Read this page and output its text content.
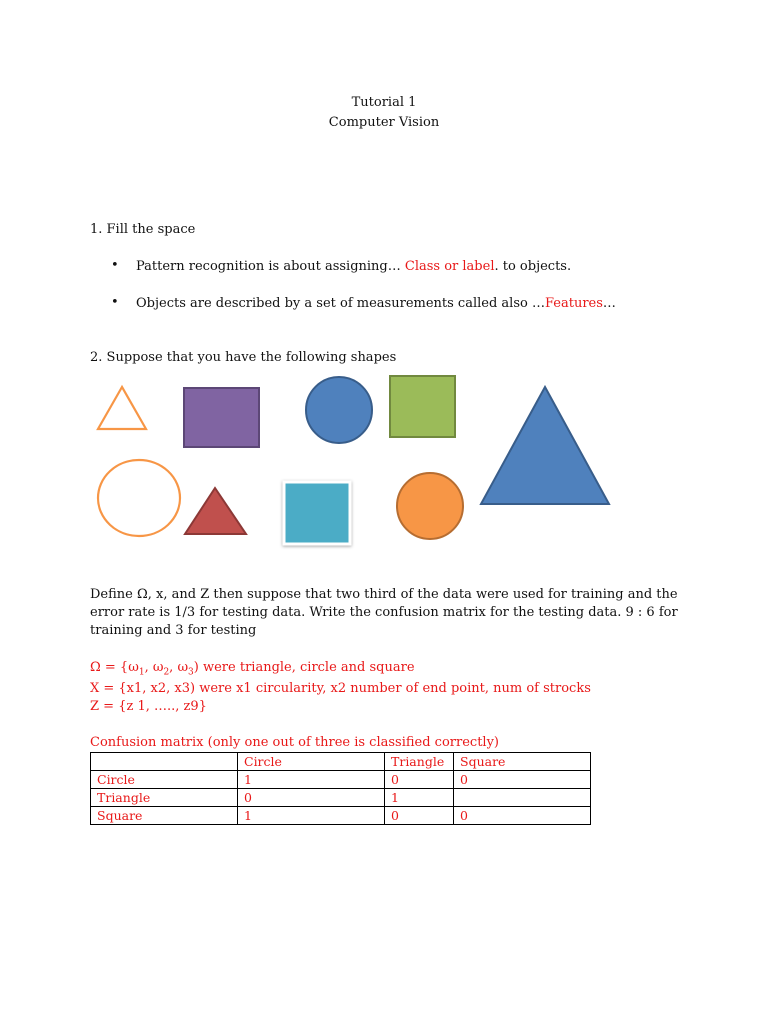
Tutorial 1
Computer Vision
1. Fill the space
• Pattern recognition is about assigning… Class or label. to objects.
• Objects are described by a set of measurements called also …Features…
2. Suppose that you have the following shapes
Define Ω, x, and Z then suppose that two third of the data were used for training and the
error rate is 1/3 for testing data. Write the confusion matrix for the testing data. 9 : 6 for
training and 3 for testing
$\Omega = \{\omega_1$, $\omega_2$, $\omega_3$) were triangle, circle and square
X = {x1, x2, x3) were x1 circularity, x2 number of end point, num of strocks
Z = {z 1, ….., z9}
Confusion matrix (only one out of three is classified correctly)
	Circle	Triangle	Square
Circle	1	0	0
Triangle	0	1	
Square	1	0	0
